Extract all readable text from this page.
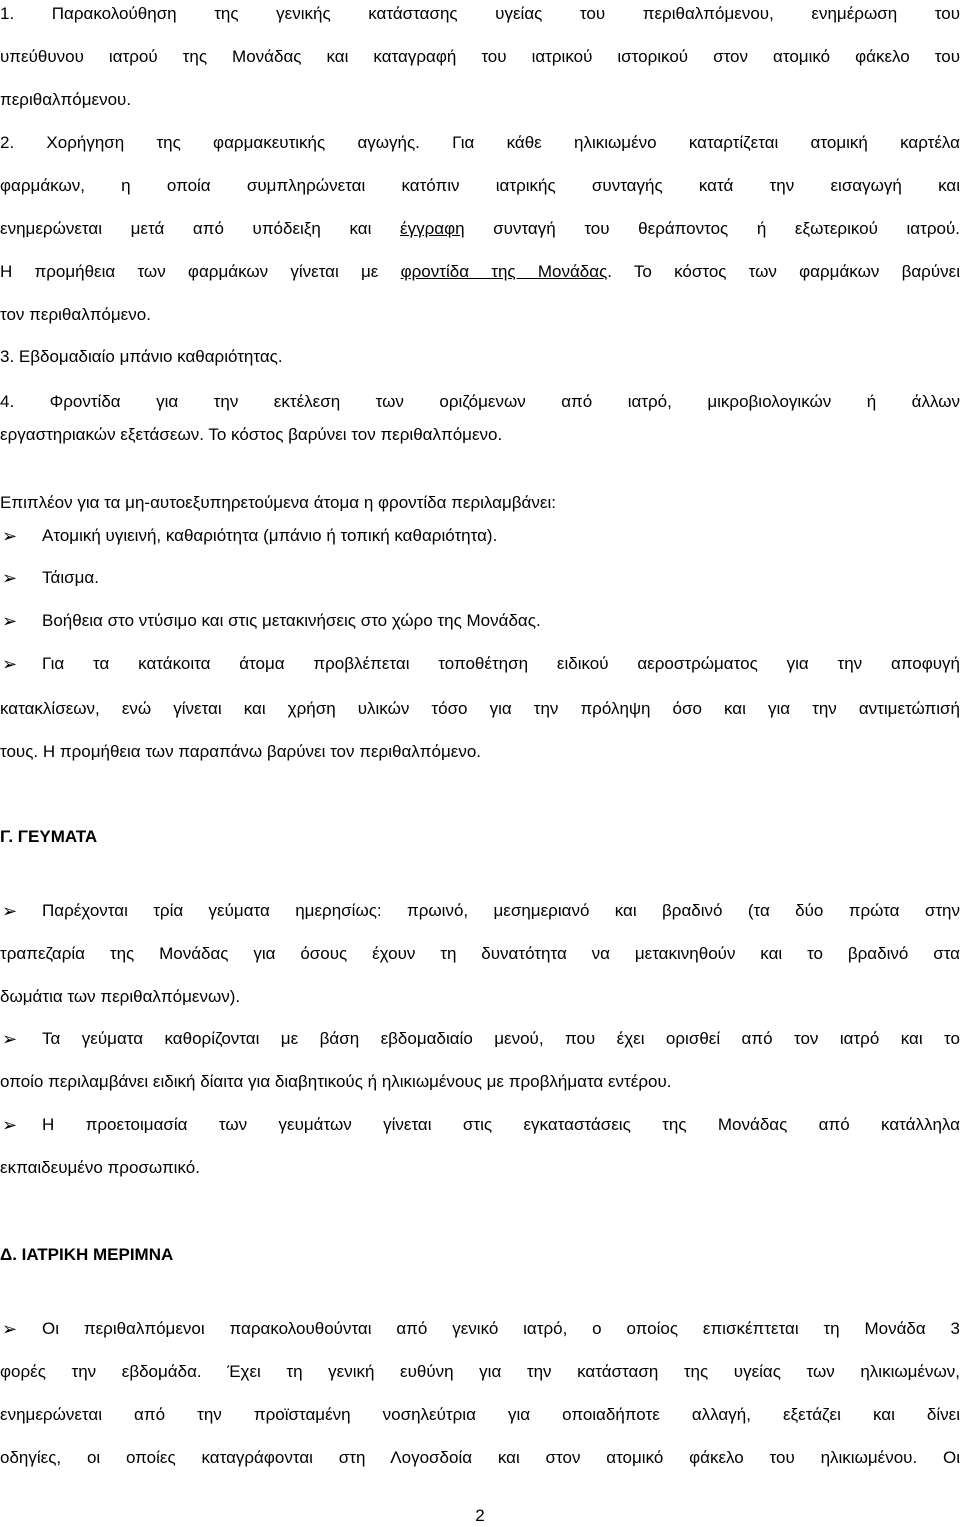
1. Παρακολούθηση της γενικής κατάστασης υγείας του περιθαλπόμενου, ενημέρωση του
υπεύθυνου ιατρού της Μονάδας και καταγραφή του ιατρικού ιστορικού στον ατομικό φάκελο του
περιθαλπόμενου.
2. Χορήγηση της φαρμακευτικής αγωγής. Για κάθε ηλικιωμένο καταρτίζεται ατομική καρτέλα
φαρμάκων, η οποία συμπληρώνεται κατόπιν ιατρικής συνταγής κατά την εισαγωγή και
ενημερώνεται μετά από υπόδειξη και έγγραφη συνταγή του θεράποντος ή εξωτερικού ιατρού.
Η προμήθεια των φαρμάκων γίνεται με φροντίδα της Μονάδας. Το κόστος των φαρμάκων βαρύνει
τον περιθαλπόμενο.
3. Εβδομαδιαίο μπάνιο καθαριότητας.
4. Φροντίδα για την εκτέλεση των οριζόμενων από ιατρό, μικροβιολογικών ή άλλων
εργαστηριακών εξετάσεων. Το κόστος βαρύνει τον περιθαλπόμενο.
Επιπλέον για τα μη-αυτοεξυπηρετούμενα άτομα η φροντίδα περιλαμβάνει:
➢ Ατομική υγιεινή, καθαριότητα (μπάνιο ή τοπική καθαριότητα).
➢ Τάισμα.
➢ Βοήθεια στο ντύσιμο και στις μετακινήσεις στο χώρο της Μονάδας.
➢ Για τα κατάκοιτα άτομα προβλέπεται τοποθέτηση ειδικού αεροστρώματος για την αποφυγή
κατακλίσεων, ενώ γίνεται και χρήση υλικών τόσο για την πρόληψη όσο και για την αντιμετώπισή
τους. Η προμήθεια των παραπάνω βαρύνει τον περιθαλπόμενο.
Γ. ΓΕΥΜΑΤΑ
➢ Παρέχονται τρία γεύματα ημερησίως: πρωινό, μεσημεριανό και βραδινό (τα δύο πρώτα στην
τραπεζαρία της Μονάδας για όσους έχουν τη δυνατότητα να μετακινηθούν και το βραδινό στα
δωμάτια των περιθαλπόμενων).
➢ Τα γεύματα καθορίζονται με βάση εβδομαδιαίο μενού, που έχει ορισθεί από τον ιατρό και το
οποίο περιλαμβάνει ειδική δίαιτα για διαβητικούς ή ηλικιωμένους με προβλήματα εντέρου.
➢ Η προετοιμασία των γευμάτων γίνεται στις εγκαταστάσεις της Μονάδας από κατάλληλα
εκπαιδευμένο προσωπικό.
Δ. ΙΑΤΡΙΚΗ ΜΕΡΙΜΝΑ
➢ Οι περιθαλπόμενοι παρακολουθούνται από γενικό ιατρό, ο οποίος επισκέπτεται τη Μονάδα 3
φορές την εβδομάδα. Έχει τη γενική ευθύνη για την κατάσταση της υγείας των ηλικιωμένων,
ενημερώνεται από την προϊσταμένη νοσηλεύτρια για οποιαδήποτε αλλαγή, εξετάζει και δίνει
οδηγίες, οι οποίες καταγράφονται στη Λογοσδοία και στον ατομικό φάκελο του ηλικιωμένου. Οι
2
